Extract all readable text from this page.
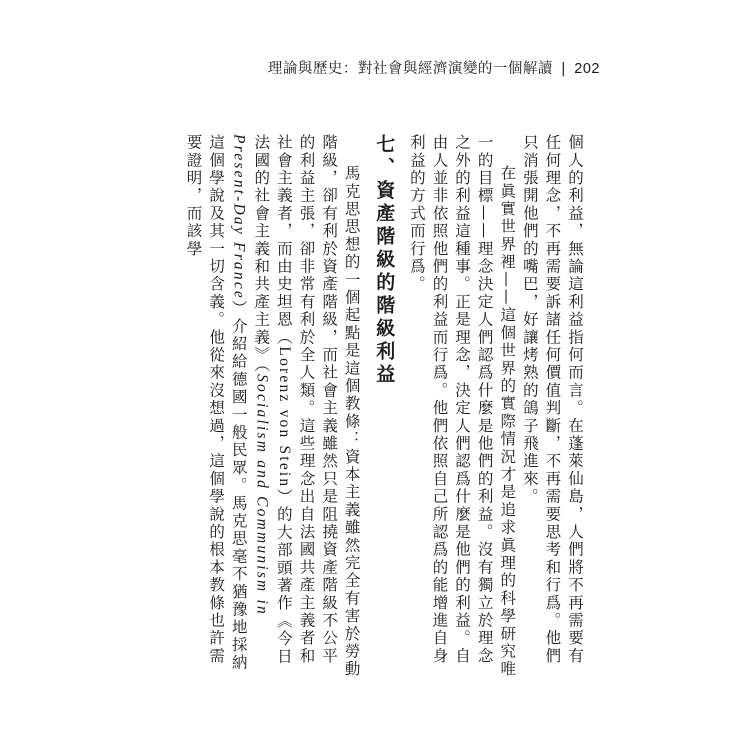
理論與歷史：對社會與經濟演變的一個解讀 | 202

個人的利益，無論這利益指何而言。在蓬萊仙島，人們將不再需要有任何理念，不再需要訴諸任何價值判斷，不再需要思考和行爲。他們只消張開他們的嘴巴，好讓烤熟的鴿子飛進來。

在眞實世界裡——這個世界的實際情況才是追求眞理的科學研究唯一的目標——理念決定人們認爲什麼是他們的利益。沒有獨立於理念之外的利益這種事。正是理念，決定人們認爲什麼是他們的利益。自由人並非依照他們的利益而行爲。他們依照自己所認爲的能增進自身利益的方式而行爲。

七、資產階級的階級利益

馬克思思想的一個起點是這個教條：資本主義雖然完全有害於勞動階級，卻有利於資產階級，而社會主義雖然只是阻撓資產階級不公平的利益主張，卻非常有利於全人類。這些理念出自法國共產主義者和社會主義者，而由史坦恩（Lorenz von Stein）的大部頭著作《今日法國的社會主義和共產主義》（Socialism and Communism in Present-Day France）介紹給德國一般民眾。馬克思毫不猶豫地採納這個學說及其一切含義。他從來沒想過，這個學說的根本教條也許需要證明，而該學
